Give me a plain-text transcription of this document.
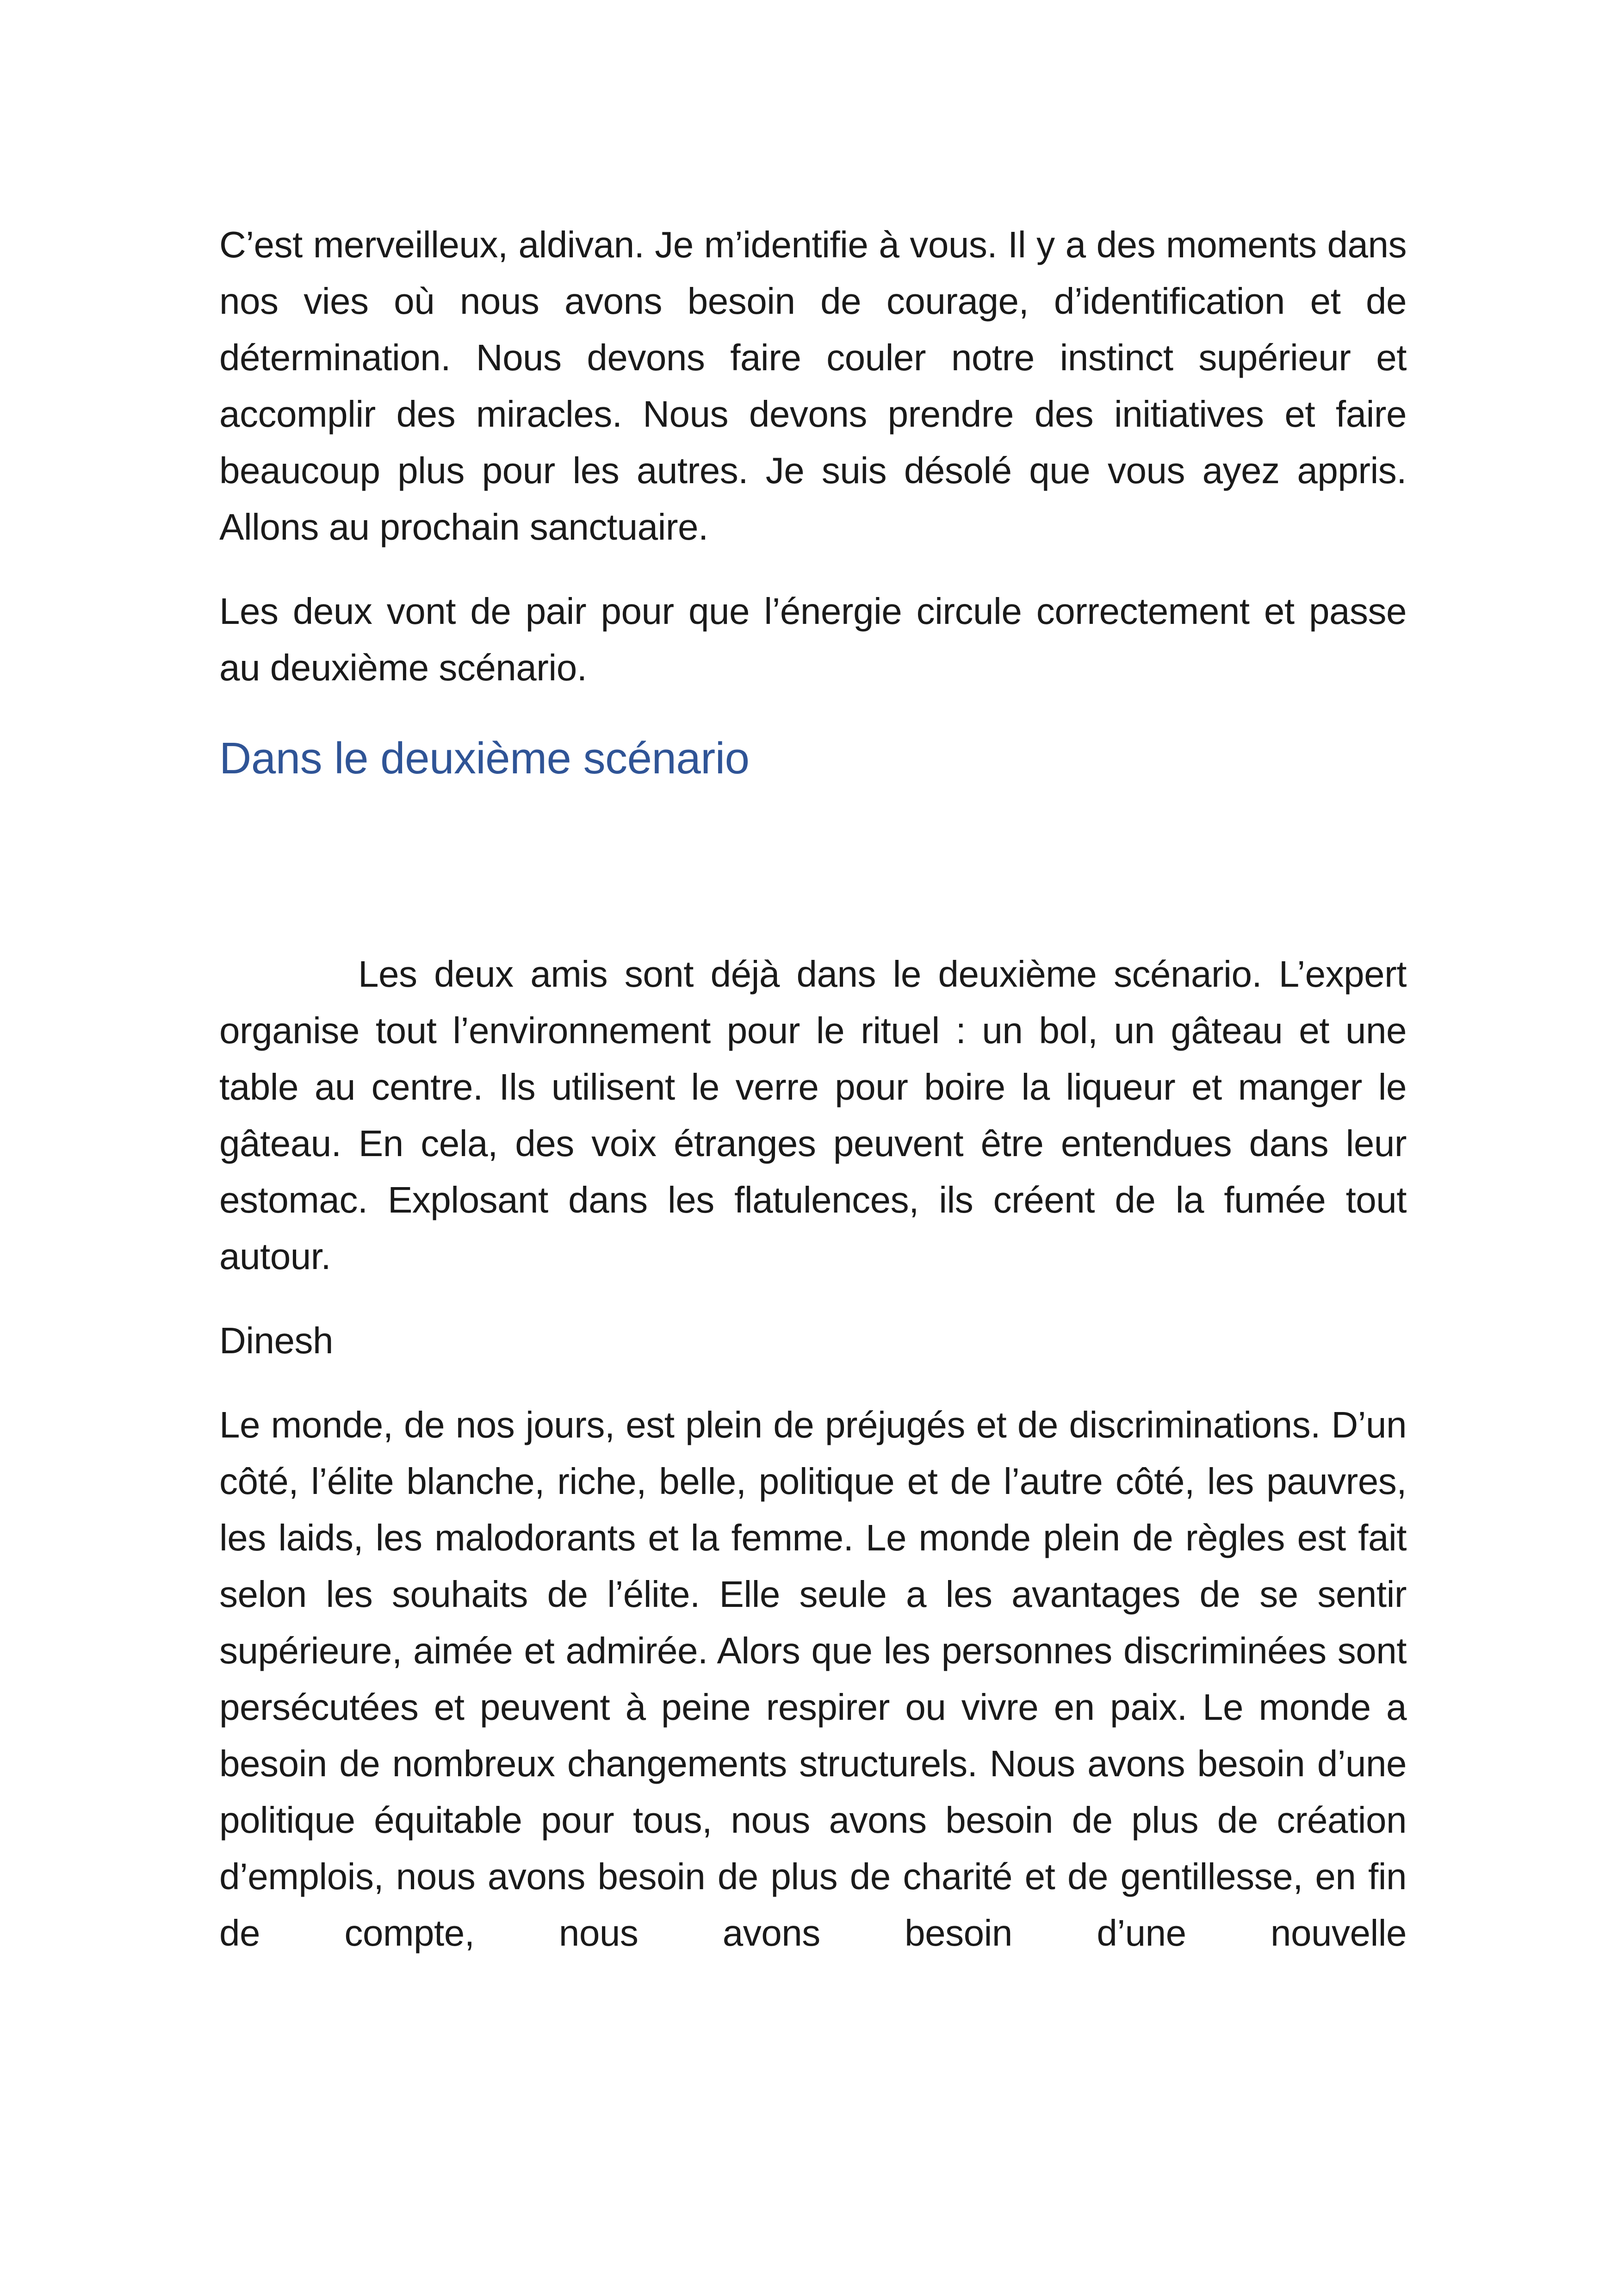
C’est merveilleux, aldivan. Je m’identifie à vous. Il y a des moments dans nos vies où nous avons besoin de courage, d’identification et de détermination. Nous devons faire couler notre instinct supérieur et accomplir des miracles. Nous devons prendre des initiatives et faire beaucoup plus pour les autres. Je suis désolé que vous ayez appris. Allons au prochain sanctuaire.

Les deux vont de pair pour que l’énergie circule correctement et passe au deuxième scénario.

Dans le deuxième scénario

Les deux amis sont déjà dans le deuxième scénario. L’expert organise tout l’environnement pour le rituel : un bol, un gâteau et une table au centre. Ils utilisent le verre pour boire la liqueur et manger le gâteau. En cela, des voix étranges peuvent être entendues dans leur estomac. Explosant dans les flatulences, ils créent de la fumée tout autour.

Dinesh

Le monde, de nos jours, est plein de préjugés et de discriminations. D’un côté, l’élite blanche, riche, belle, politique et de l’autre côté, les pauvres, les laids, les malodorants et la femme. Le monde plein de règles est fait selon les souhaits de l’élite. Elle seule a les avantages de se sentir supérieure, aimée et admirée. Alors que les personnes discriminées sont persécutées et peuvent à peine respirer ou vivre en paix. Le monde a besoin de nombreux changements structurels. Nous avons besoin d’une politique équitable pour tous, nous avons besoin de plus de création d’emplois, nous avons besoin de plus de charité et de gentillesse, en fin de compte, nous avons besoin d’une nouvelle
